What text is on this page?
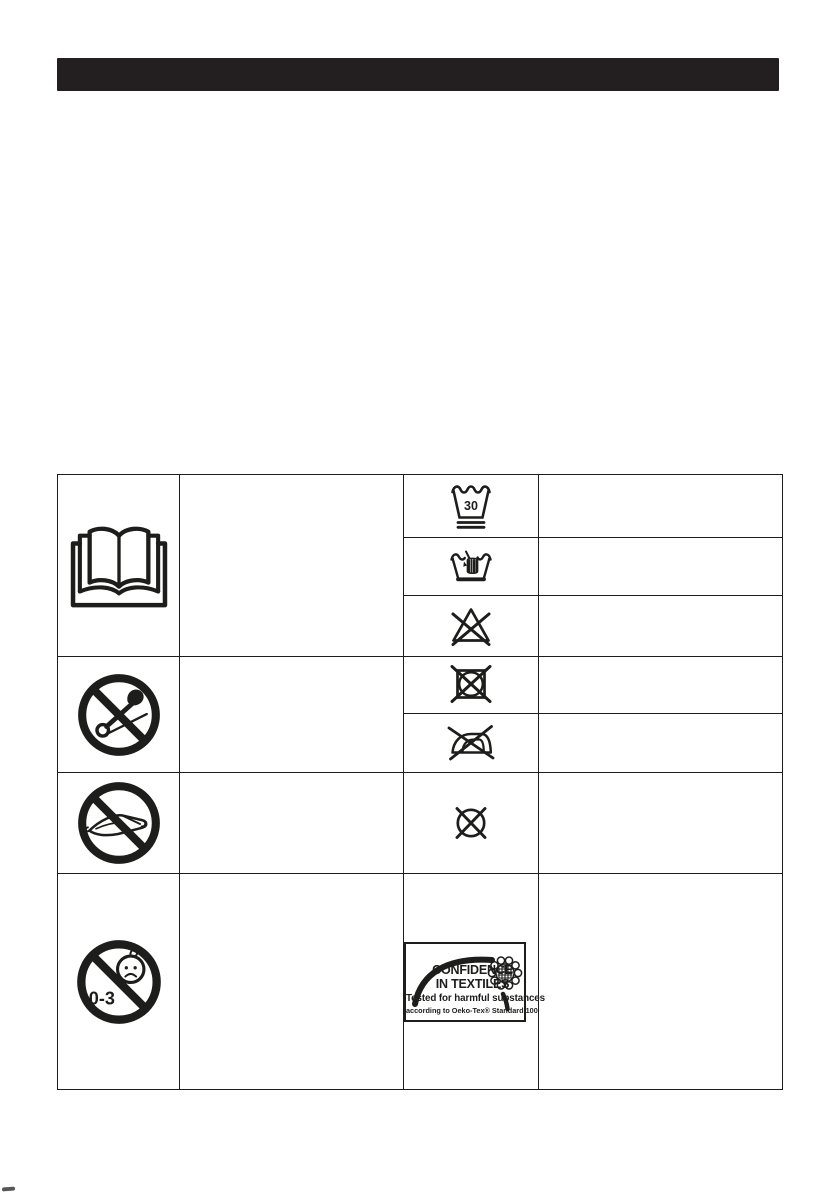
30	

0-3		CONFIDENCE
IN TEXTILES
Tested for harmful substances
according to Oeko-Tex® Standard 100	
